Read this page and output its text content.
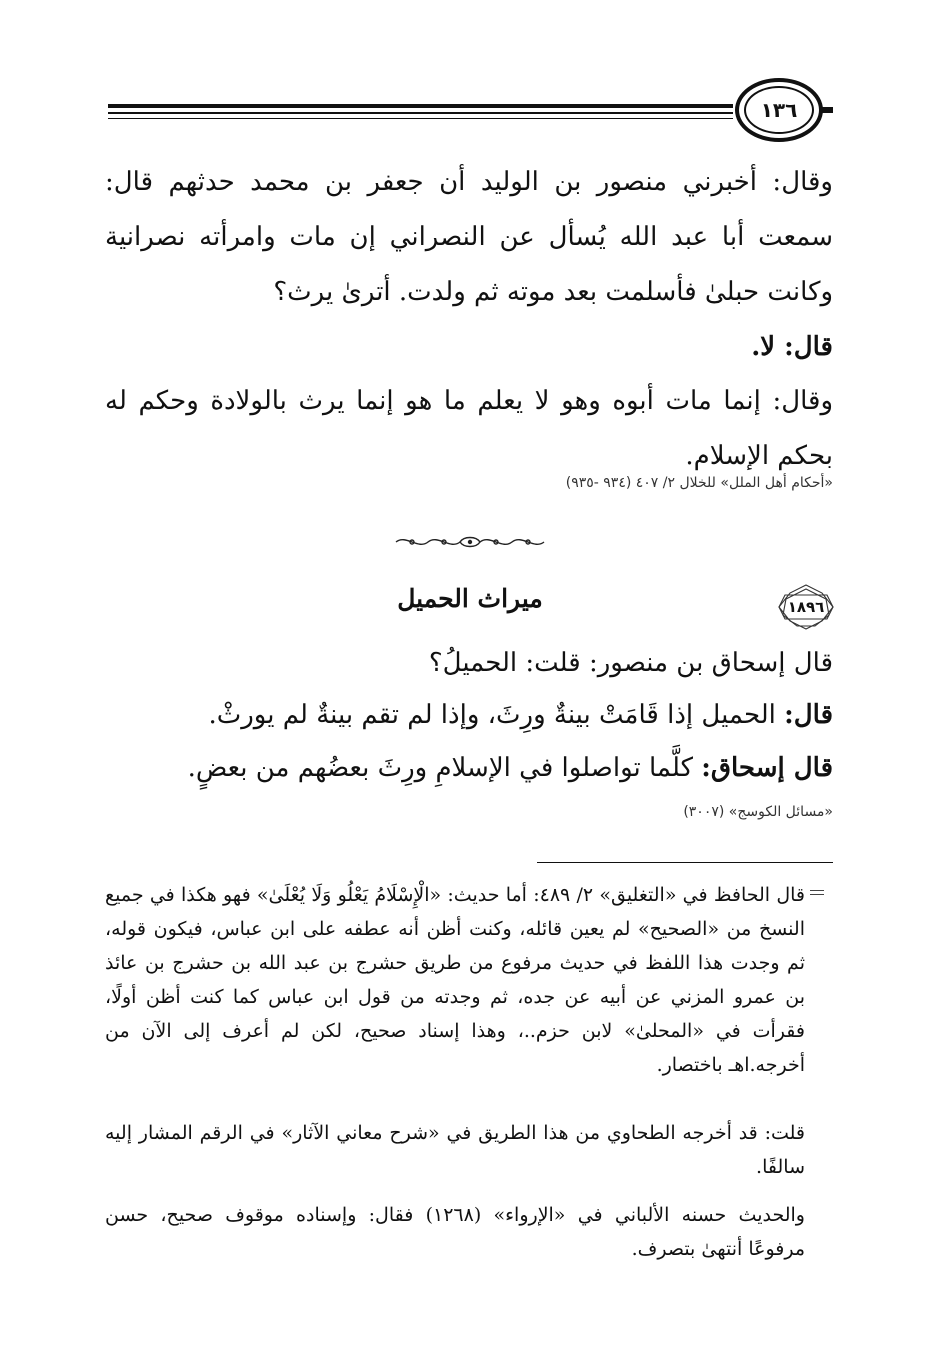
١٣٦

وقال: أخبرني منصور بن الوليد أن جعفر بن محمد حدثهم قال: سمعت أبا عبد الله يُسأل عن النصراني إن مات وامرأته نصرانية وكانت حبلىٰ فأسلمت بعد موته ثم ولدت. أترىٰ يرث؟

قال: لا.

وقال: إنما مات أبوه وهو لا يعلم ما هو إنما يرث بالولادة وحكم له بحكم الإسلام.

«أحكام أهل الملل» للخلال ٢/ ٤٠٧ (٩٣٤ -٩٣٥)

١٨٩٦
ميراث الحميل

قال إسحاق بن منصور: قلت: الحميلُ؟

قال: الحميل إذا قَامَتْ بينةٌ ورِثَ، وإذا لم تقم بينةٌ لم يورثْ.

قال إسحاق: كلَّما تواصلوا في الإسلامِ ورِثَ بعضُهم من بعضٍ.

«مسائل الكوسج» (٣٠٠٧)

قال الحافظ في «التغليق» ٢/ ٤٨٩: أما حديث: «الْإِسْلَامُ يَعْلُو وَلَا يُعْلَىٰ» فهو هكذا في جميع النسخ من «الصحيح» لم يعين قائله، وكنت أظن أنه عطفه على ابن عباس، فيكون قوله، ثم وجدت هذا اللفظ في حديث مرفوع من طريق حشرج بن عبد الله بن حشرج بن عائذ بن عمرو المزني عن أبيه عن جده، ثم وجدته من قول ابن عباس كما كنت أظن أولًا، فقرأت في «المحلىٰ» لابن حزم..، وهذا إسناد صحيح، لكن لم أعرف إلى الآن من أخرجه.اهـ باختصار.

قلت: قد أخرجه الطحاوي من هذا الطريق في «شرح معاني الآثار» في الرقم المشار إليه سالفًا.

والحديث حسنه الألباني في «الإرواء» (١٢٦٨) فقال: وإسناده موقوف صحيح، حسن مرفوعًا أنتهىٰ بتصرف.
